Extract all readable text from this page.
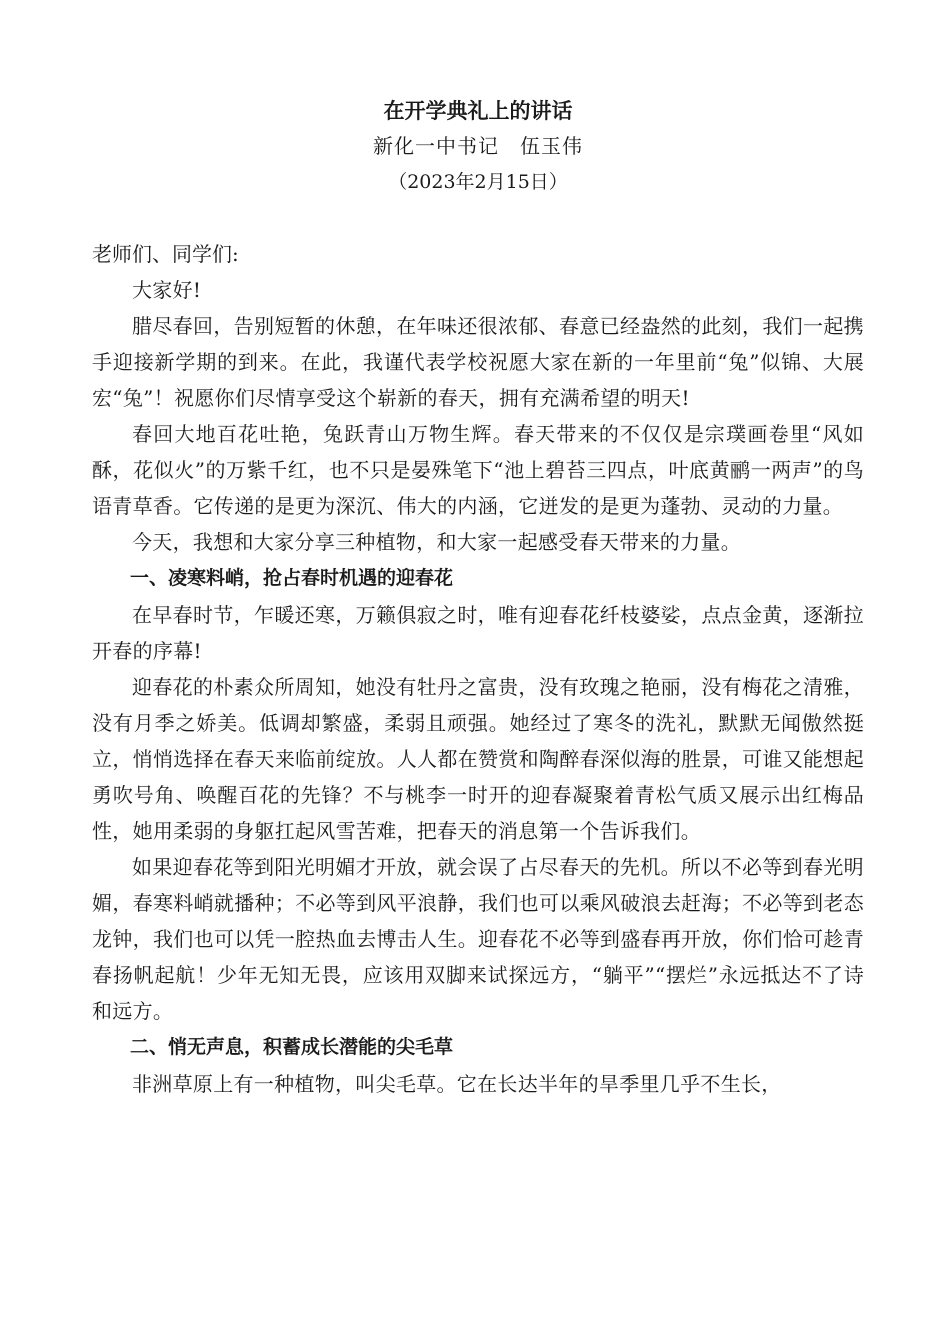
在开学典礼上的讲话

新化一中书记　伍玉伟

（2023年2月15日）

老师们、同学们:

大家好!

腊尽春回，告别短暂的休憩，在年味还很浓郁、春意已经盎然的此刻，我们一起携手迎接新学期的到来。在此，我谨代表学校祝愿大家在新的一年里前“兔”似锦、大展宏“兔”！祝愿你们尽情享受这个崭新的春天，拥有充满希望的明天!

春回大地百花吐艳，兔跃青山万物生辉。春天带来的不仅仅是宗璞画卷里“风如酥，花似火”的万紫千红，也不只是晏殊笔下“池上碧苔三四点，叶底黄鹂一两声”的鸟语青草香。它传递的是更为深沉、伟大的内涵，它迸发的是更为蓬勃、灵动的力量。

今天，我想和大家分享三种植物，和大家一起感受春天带来的力量。

一、凌寒料峭，抢占春时机遇的迎春花

在早春时节，乍暖还寒，万籁俱寂之时，唯有迎春花纤枝婆娑，点点金黄，逐渐拉开春的序幕!

迎春花的朴素众所周知，她没有牡丹之富贵，没有玫瑰之艳丽，没有梅花之清雅，没有月季之娇美。低调却繁盛，柔弱且顽强。她经过了寒冬的洗礼，默默无闻傲然挺立，悄悄选择在春天来临前绽放。人人都在赞赏和陶醉春深似海的胜景，可谁又能想起勇吹号角、唤醒百花的先锋？不与桃李一时开的迎春凝聚着青松气质又展示出红梅品性，她用柔弱的身躯扛起风雪苦难，把春天的消息第一个告诉我们。

如果迎春花等到阳光明媚才开放，就会误了占尽春天的先机。所以不必等到春光明媚，春寒料峭就播种；不必等到风平浪静，我们也可以乘风破浪去赶海；不必等到老态龙钟，我们也可以凭一腔热血去博击人生。迎春花不必等到盛春再开放，你们恰可趁青春扬帆起航！少年无知无畏，应该用双脚来试探远方，“躺平”“摆烂”永远抵达不了诗和远方。

二、悄无声息，积蓄成长潜能的尖毛草

非洲草原上有一种植物，叫尖毛草。它在长达半年的旱季里几乎不生长，
